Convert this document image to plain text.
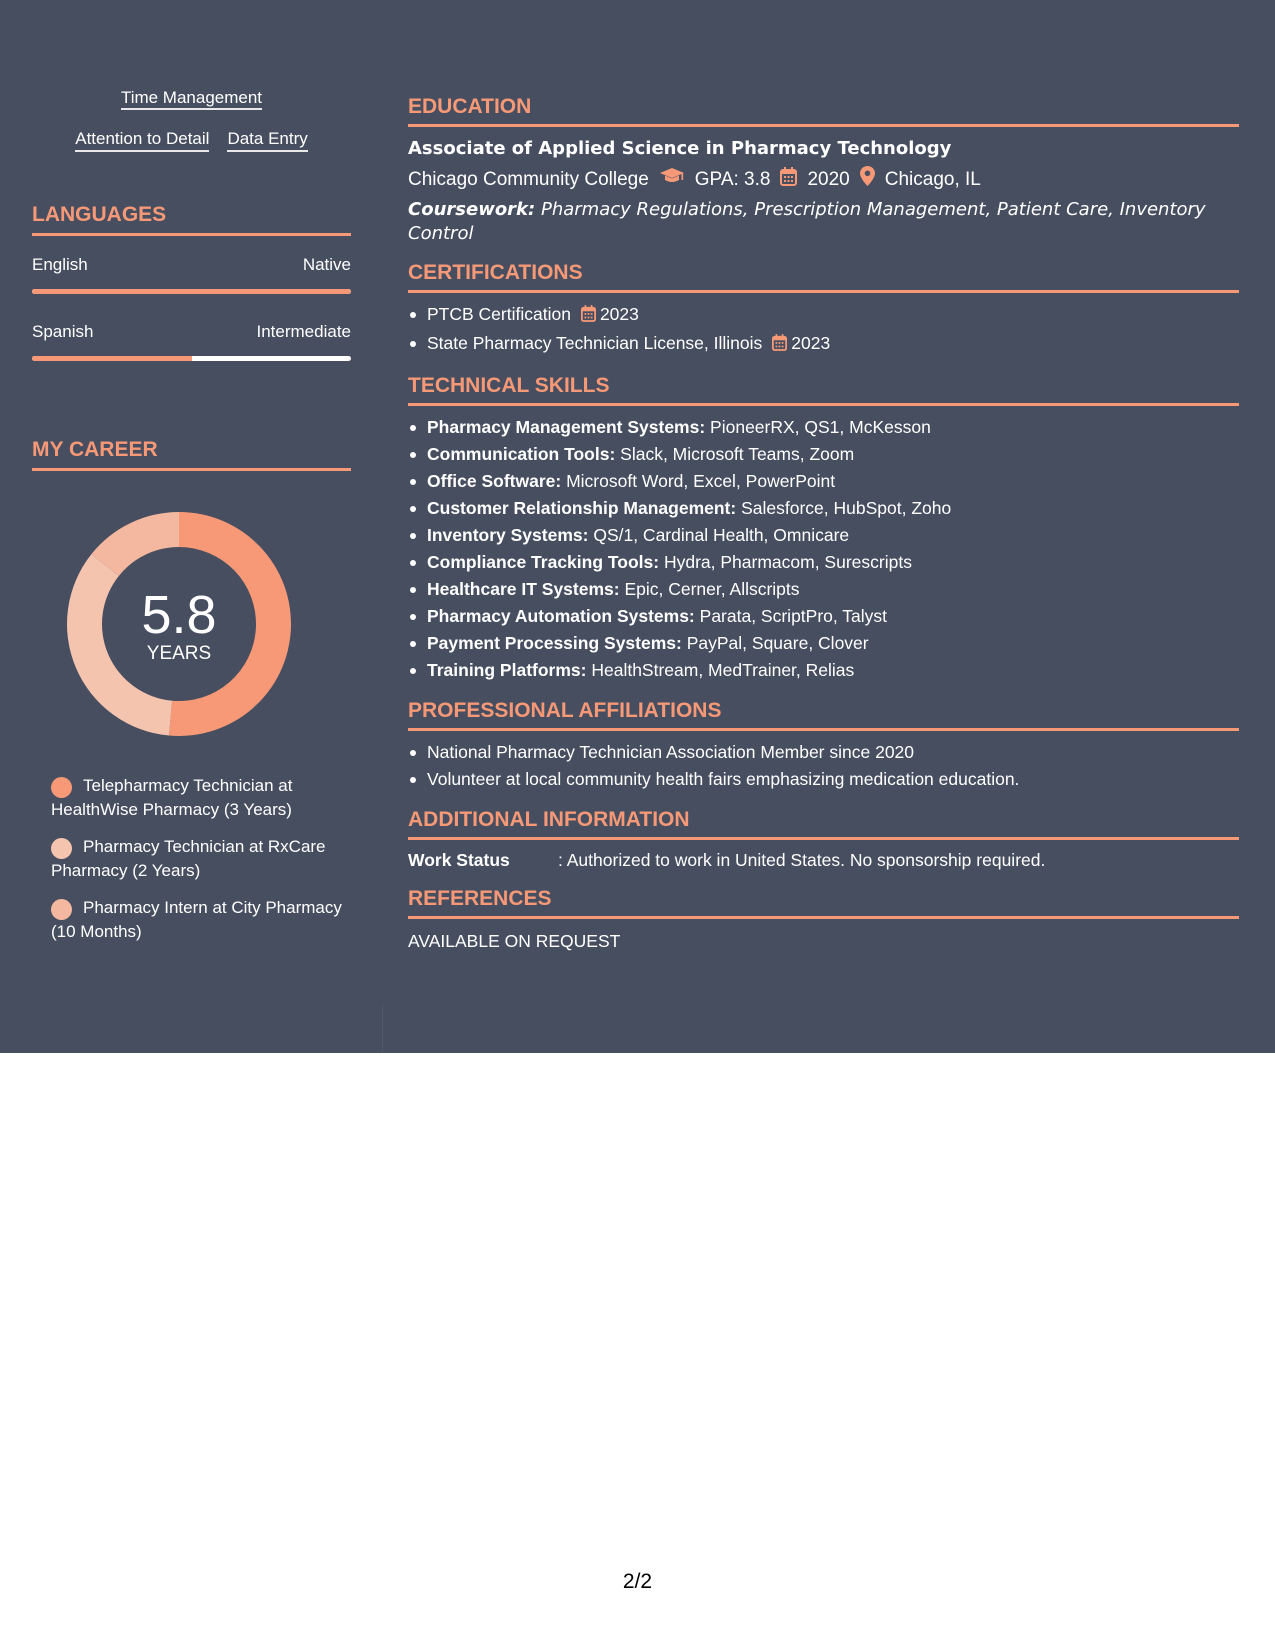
Time Management
Attention to Detail Data Entry
LANGUAGES
English	Native
Spanish	Intermediate
MY CAREER
5.8
YEARS
Telepharmacy Technician at HealthWise Pharmacy (3 Years)
Pharmacy Technician at RxCare Pharmacy (2 Years)
Pharmacy Intern at City Pharmacy (10 Months)
EDUCATION
Associate of Applied Science in Pharmacy Technology
Chicago Community College GPA: 3.8 2020 Chicago, IL
Coursework: Pharmacy Regulations, Prescription Management, Patient Care, Inventory Control
CERTIFICATIONS
PTCB Certification 2023
State Pharmacy Technician License, Illinois 2023
TECHNICAL SKILLS
Pharmacy Management Systems: PioneerRX, QS1, McKesson
Communication Tools: Slack, Microsoft Teams, Zoom
Office Software: Microsoft Word, Excel, PowerPoint
Customer Relationship Management: Salesforce, HubSpot, Zoho
Inventory Systems: QS/1, Cardinal Health, Omnicare
Compliance Tracking Tools: Hydra, Pharmacom, Surescripts
Healthcare IT Systems: Epic, Cerner, Allscripts
Pharmacy Automation Systems: Parata, ScriptPro, Talyst
Payment Processing Systems: PayPal, Square, Clover
Training Platforms: HealthStream, MedTrainer, Relias
PROFESSIONAL AFFILIATIONS
National Pharmacy Technician Association Member since 2020
Volunteer at local community health fairs emphasizing medication education.
ADDITIONAL INFORMATION
Work Status	: Authorized to work in United States. No sponsorship required.
REFERENCES
AVAILABLE ON REQUEST
2/2
